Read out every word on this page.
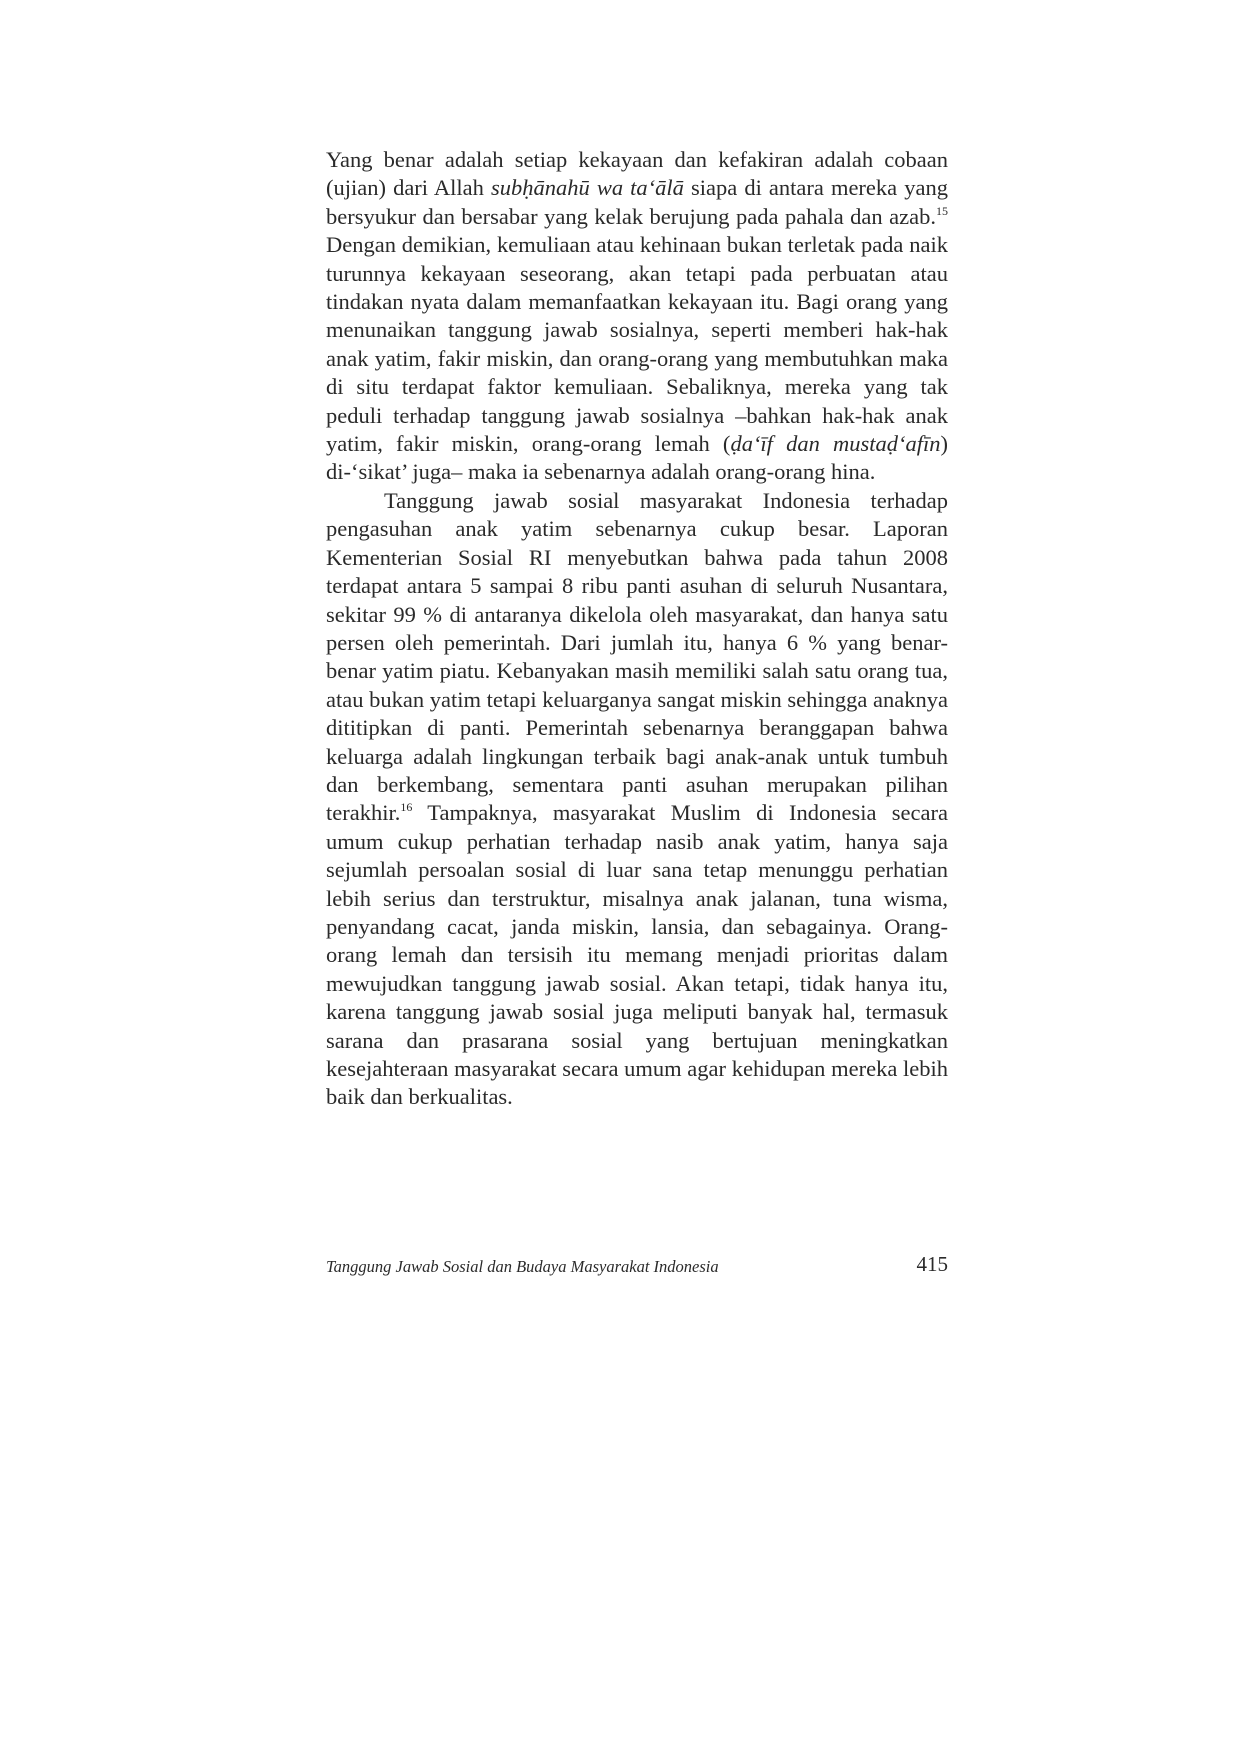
Yang benar adalah setiap kekayaan dan kefakiran adalah cobaan (ujian) dari Allah subḥānahū wa ta‘ālā siapa di antara mereka yang bersyukur dan bersabar yang kelak berujung pada pahala dan azab.$^{15}$ Dengan demikian, kemuliaan atau kehinaan bukan terletak pada naik turunnya kekayaan seseorang, akan tetapi pada perbuatan atau tindakan nyata dalam memanfaatkan kekayaan itu. Bagi orang yang menunaikan tanggung jawab sosialnya, seperti memberi hak-hak anak yatim, fakir miskin, dan orang-orang yang membutuhkan maka di situ terdapat faktor kemuliaan. Sebaliknya, mereka yang tak peduli terhadap tanggung jawab sosialnya –bahkan hak-hak anak yatim, fakir miskin, orang-orang lemah (ḍa‘īf dan mustaḍ‘afīn) di-‘sikat’ juga– maka ia sebenarnya adalah orang-orang hina.

Tanggung jawab sosial masyarakat Indonesia terhadap pengasuhan anak yatim sebenarnya cukup besar. Laporan Kementerian Sosial RI menyebutkan bahwa pada tahun 2008 terdapat antara 5 sampai 8 ribu panti asuhan di seluruh Nusantara, sekitar 99 % di antaranya dikelola oleh masyarakat, dan hanya satu persen oleh pemerintah. Dari jumlah itu, hanya 6 % yang benar-benar yatim piatu. Kebanyakan masih memiliki salah satu orang tua, atau bukan yatim tetapi keluarganya sangat miskin sehingga anaknya dititipkan di panti. Pemerintah sebenarnya beranggapan bahwa keluarga adalah lingkungan terbaik bagi anak-anak untuk tumbuh dan berkembang, sementara panti asuhan merupakan pilihan terakhir.$^{16}$ Tampaknya, masyarakat Muslim di Indonesia secara umum cukup perhatian terhadap nasib anak yatim, hanya saja sejumlah persoalan sosial di luar sana tetap menunggu perhatian lebih serius dan terstruktur, misalnya anak jalanan, tuna wisma, penyandang cacat, janda miskin, lansia, dan sebagainya. Orang-orang lemah dan tersisih itu memang menjadi prioritas dalam mewujudkan tanggung jawab sosial. Akan tetapi, tidak hanya itu, karena tanggung jawab sosial juga meliputi banyak hal, termasuk sarana dan prasarana sosial yang bertujuan meningkatkan kesejahteraan masyarakat secara umum agar kehidupan mereka lebih baik dan berkualitas.

Tanggung Jawab Sosial dan Budaya Masyarakat Indonesia	415
